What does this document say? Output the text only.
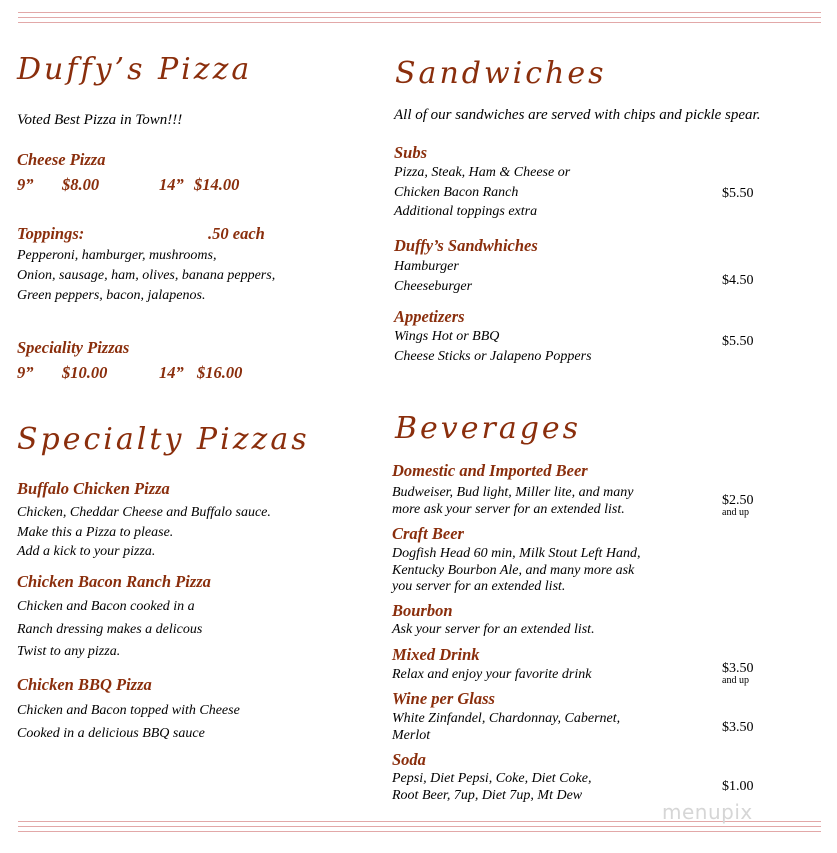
Duffy’s Pizza
Voted Best Pizza in Town!!!
Cheese Pizza
9” $8.00	14” $14.00
Toppings:	.50 each
Pepperoni, hamburger, mushrooms,
Onion, sausage, ham, olives, banana peppers,
Green peppers, bacon, jalapenos.
Speciality Pizzas
9” $10.00	14” $16.00
Specialty Pizzas
Buffalo Chicken Pizza
Chicken, Cheddar Cheese and Buffalo sauce.
Make this a Pizza to please.
Add a kick to your pizza.
Chicken Bacon Ranch Pizza
Chicken and Bacon cooked in a
Ranch dressing makes a delicous
Twist to any pizza.
Chicken BBQ Pizza
Chicken and Bacon topped with Cheese
Cooked in a delicious BBQ sauce
Sandwiches
All of our sandwiches are served with chips and pickle spear.
Subs
Pizza, Steak, Ham & Cheese or
Chicken Bacon Ranch
Additional toppings extra
$5.50
Duffy’s Sandwhiches
Hamburger
Cheeseburger	$4.50
Appetizers
Wings Hot or BBQ
Cheese Sticks or Jalapeno Poppers
$5.50
Beverages
Domestic and Imported Beer
Budweiser, Bud light, Miller lite, and many
more ask your server for an extended list.
$2.50
and up
Craft Beer
Dogfish Head 60 min, Milk Stout Left Hand,
Kentucky Bourbon Ale, and many more ask
you server for an extended list.
Bourbon
Ask your server for an extended list.
Mixed Drink
Relax and enjoy your favorite drink	$3.50
and up
Wine per Glass
White Zinfandel, Chardonnay, Cabernet,
Merlot	$3.50
Soda
Pepsi, Diet Pepsi, Coke, Diet Coke,
Root Beer, 7up, Diet 7up, Mt Dew
$1.00
menupix
